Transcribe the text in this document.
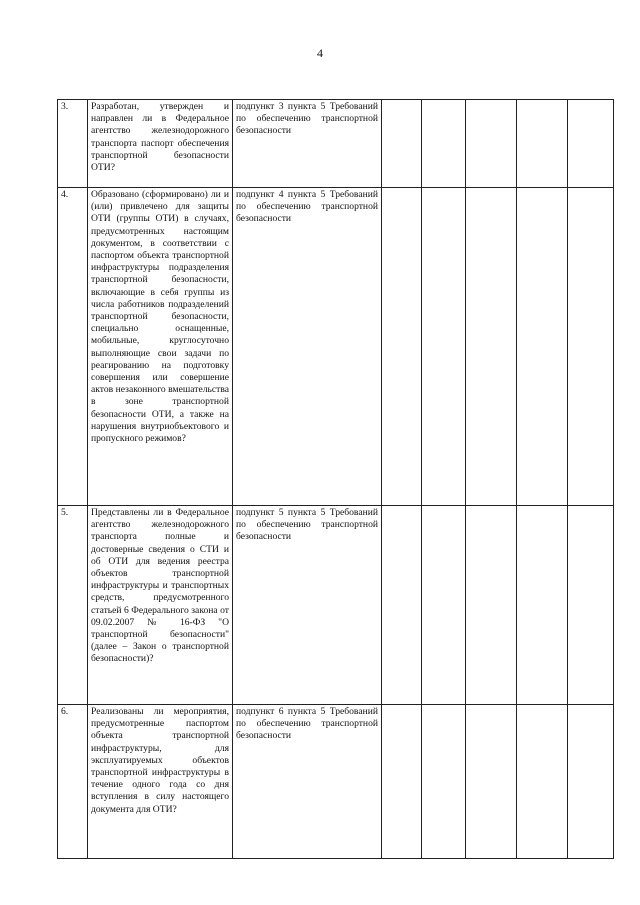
4
3.	Разработан, утвержден и направлен ли в Федеральное агентство железнодорожного транспорта паспорт обеспечения транспортной безопасности ОТИ?	подпункт 3 пункта 5 Требований по обеспечению транспортной безопасности					
4.	Образовано (сформировано) ли и (или) привлечено для защиты ОТИ (группы ОТИ) в случаях, предусмотренных настоящим документом, в соответствии с паспортом объекта транспортной инфраструктуры подразделения транспортной безопасности, включающие в себя группы из числа работников подразделений транспортной безопасности, специально оснащенные, мобильные, круглосуточно выполняющие свои задачи по реагированию на подготовку совершения или совершение актов незаконного вмешательства в зоне транспортной безопасности ОТИ, а также на нарушения внутриобъектового и пропускного режимов?	подпункт 4 пункта 5 Требований по обеспечению транспортной безопасности					
5.	Представлены ли в Федеральное агентство железнодорожного транспорта полные и достоверные сведения о СТИ и об ОТИ для ведения реестра объектов транспортной инфраструктуры и транспортных средств, предусмотренного статьей 6 Федерального закона от 09.02.2007 № 16-ФЗ "О транспортной безопасности" (далее – Закон о транспортной безопасности)?	подпункт 5 пункта 5 Требований по обеспечению транспортной безопасности					
6.	Реализованы ли мероприятия, предусмотренные паспортом объекта транспортной инфраструктуры, для эксплуатируемых объектов транспортной инфраструктуры в течение одного года со дня вступления в силу настоящего документа для ОТИ?	подпункт 6 пункта 5 Требований по обеспечению транспортной безопасности					
